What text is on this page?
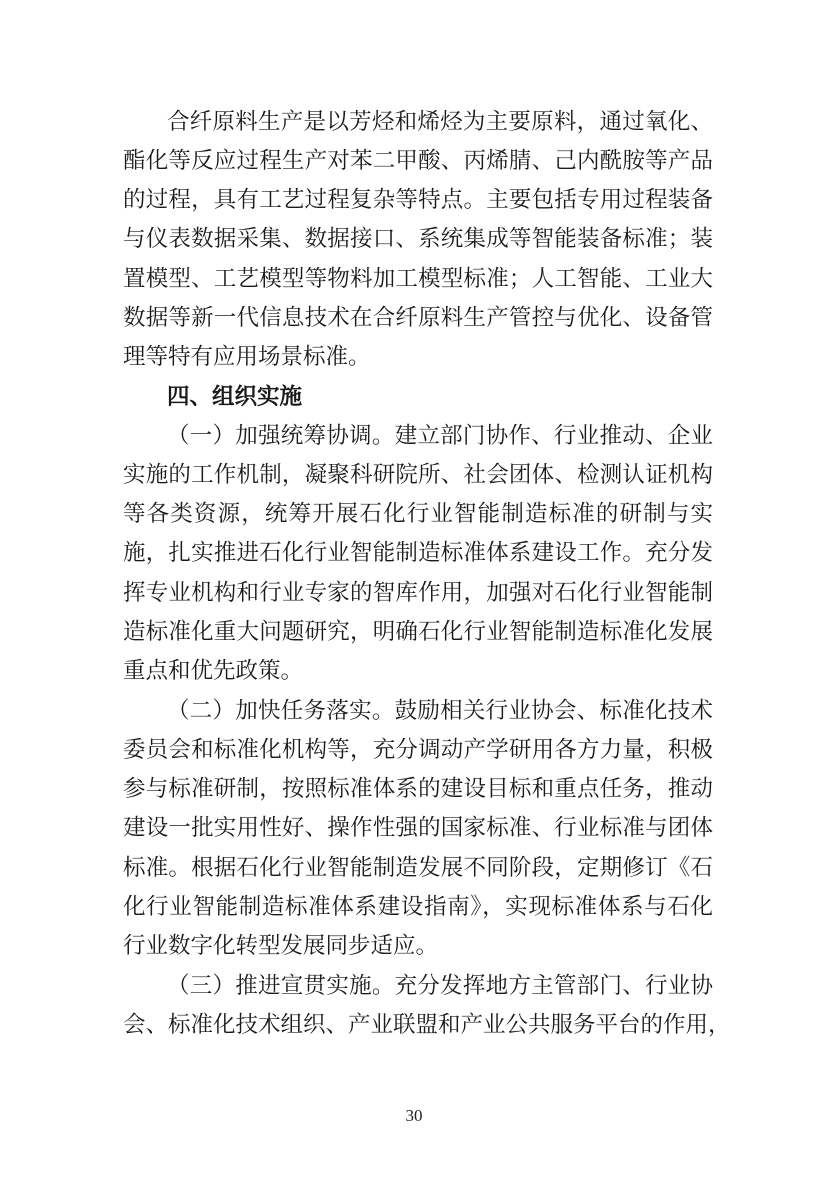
合纤原料生产是以芳烃和烯烃为主要原料，通过氧化、
酯化等反应过程生产对苯二甲酸、丙烯腈、己内酰胺等产品
的过程，具有工艺过程复杂等特点。主要包括专用过程装备
与仪表数据采集、数据接口、系统集成等智能装备标准；装
置模型、工艺模型等物料加工模型标准；人工智能、工业大
数据等新一代信息技术在合纤原料生产管控与优化、设备管
理等特有应用场景标准。
四、组织实施
（一）加强统筹协调。建立部门协作、行业推动、企业
实施的工作机制，凝聚科研院所、社会团体、检测认证机构
等各类资源，统筹开展石化行业智能制造标准的研制与实
施，扎实推进石化行业智能制造标准体系建设工作。充分发
挥专业机构和行业专家的智库作用，加强对石化行业智能制
造标准化重大问题研究，明确石化行业智能制造标准化发展
重点和优先政策。
（二）加快任务落实。鼓励相关行业协会、标准化技术
委员会和标准化机构等，充分调动产学研用各方力量，积极
参与标准研制，按照标准体系的建设目标和重点任务，推动
建设一批实用性好、操作性强的国家标准、行业标准与团体
标准。根据石化行业智能制造发展不同阶段，定期修订《石
化行业智能制造标准体系建设指南》，实现标准体系与石化
行业数字化转型发展同步适应。
（三）推进宣贯实施。充分发挥地方主管部门、行业协
会、标准化技术组织、产业联盟和产业公共服务平台的作用，
30
